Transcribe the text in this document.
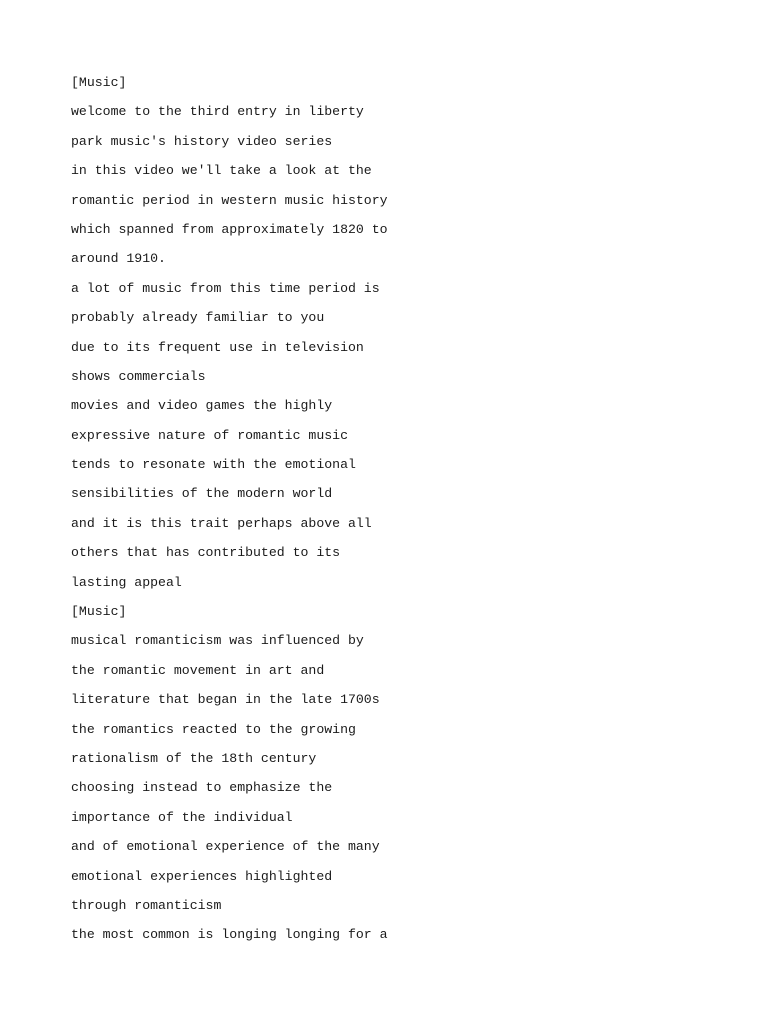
[Music]
welcome to the third entry in liberty
park music's history video series
in this video we'll take a look at the
romantic period in western music history
which spanned from approximately 1820 to
around 1910.
a lot of music from this time period is
probably already familiar to you
due to its frequent use in television
shows commercials
movies and video games the highly
expressive nature of romantic music
tends to resonate with the emotional
sensibilities of the modern world
and it is this trait perhaps above all
others that has contributed to its
lasting appeal
[Music]
musical romanticism was influenced by
the romantic movement in art and
literature that began in the late 1700s
the romantics reacted to the growing
rationalism of the 18th century
choosing instead to emphasize the
importance of the individual
and of emotional experience of the many
emotional experiences highlighted
through romanticism
the most common is longing longing for a
